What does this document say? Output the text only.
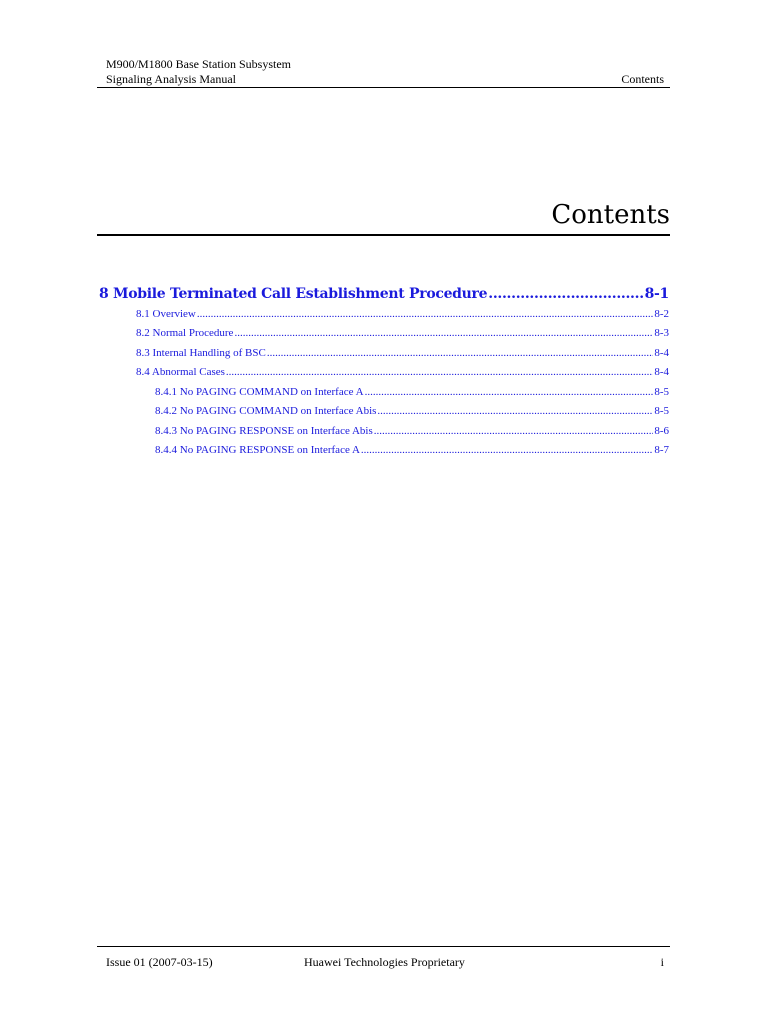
M900/M1800 Base Station Subsystem
Signaling Analysis Manual	Contents
Contents
8 Mobile Terminated Call Establishment Procedure .....	8-1
8.1 Overview .....	8-2
8.2 Normal Procedure .....	8-3
8.3 Internal Handling of BSC .....	8-4
8.4 Abnormal Cases .....	8-4
8.4.1 No PAGING COMMAND on Interface A .....	8-5
8.4.2 No PAGING COMMAND on Interface Abis .....	8-5
8.4.3 No PAGING RESPONSE on Interface Abis .....	8-6
8.4.4 No PAGING RESPONSE on Interface A .....	8-7
Issue 01 (2007-03-15)	Huawei Technologies Proprietary	i
